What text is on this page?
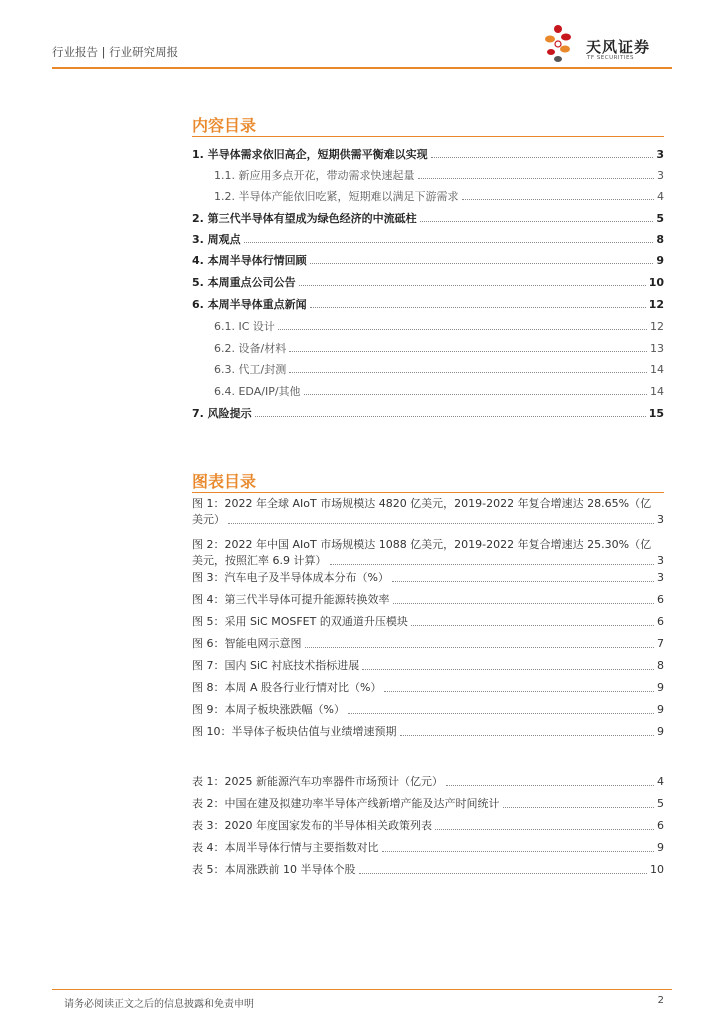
行业报告 | 行业研究周报	天风证券
TF SECURITIES
内容目录
1. 半导体需求依旧高企，短期供需平衡难以实现	3
1.1. 新应用多点开花，带动需求快速起量	3
1.2. 半导体产能依旧吃紧，短期难以满足下游需求	4
2. 第三代半导体有望成为绿色经济的中流砥柱	5
3. 周观点	8
4. 本周半导体行情回顾	9
5. 本周重点公司公告	10
6. 本周半导体重点新闻	12
6.1. IC 设计	12
6.2. 设备/材料	13
6.3. 代工/封测	14
6.4. EDA/IP/其他	14
7. 风险提示	15
图表目录
图 1：2022 年全球 AIoT 市场规模达 4820 亿美元，2019-2022 年复合增速达 28.65%（亿
美元）	3
图 2：2022 年中国 AIoT 市场规模达 1088 亿美元，2019-2022 年复合增速达 25.30%（亿
美元，按照汇率 6.9 计算）	3
图 3：汽车电子及半导体成本分布（%）	3
图 4：第三代半导体可提升能源转换效率	6
图 5：采用 SiC MOSFET 的双通道升压模块	6
图 6：智能电网示意图	7
图 7：国内 SiC 衬底技术指标进展	8
图 8：本周 A 股各行业行情对比（%）	9
图 9：本周子板块涨跌幅（%）	9
图 10：半导体子板块估值与业绩增速预期	9
表 1：2025 新能源汽车功率器件市场预计（亿元）	4
表 2：中国在建及拟建功率半导体产线新增产能及达产时间统计	5
表 3：2020 年度国家发布的半导体相关政策列表	6
表 4：本周半导体行情与主要指数对比	9
表 5：本周涨跌前 10 半导体个股	10
请务必阅读正文之后的信息披露和免责申明	2
